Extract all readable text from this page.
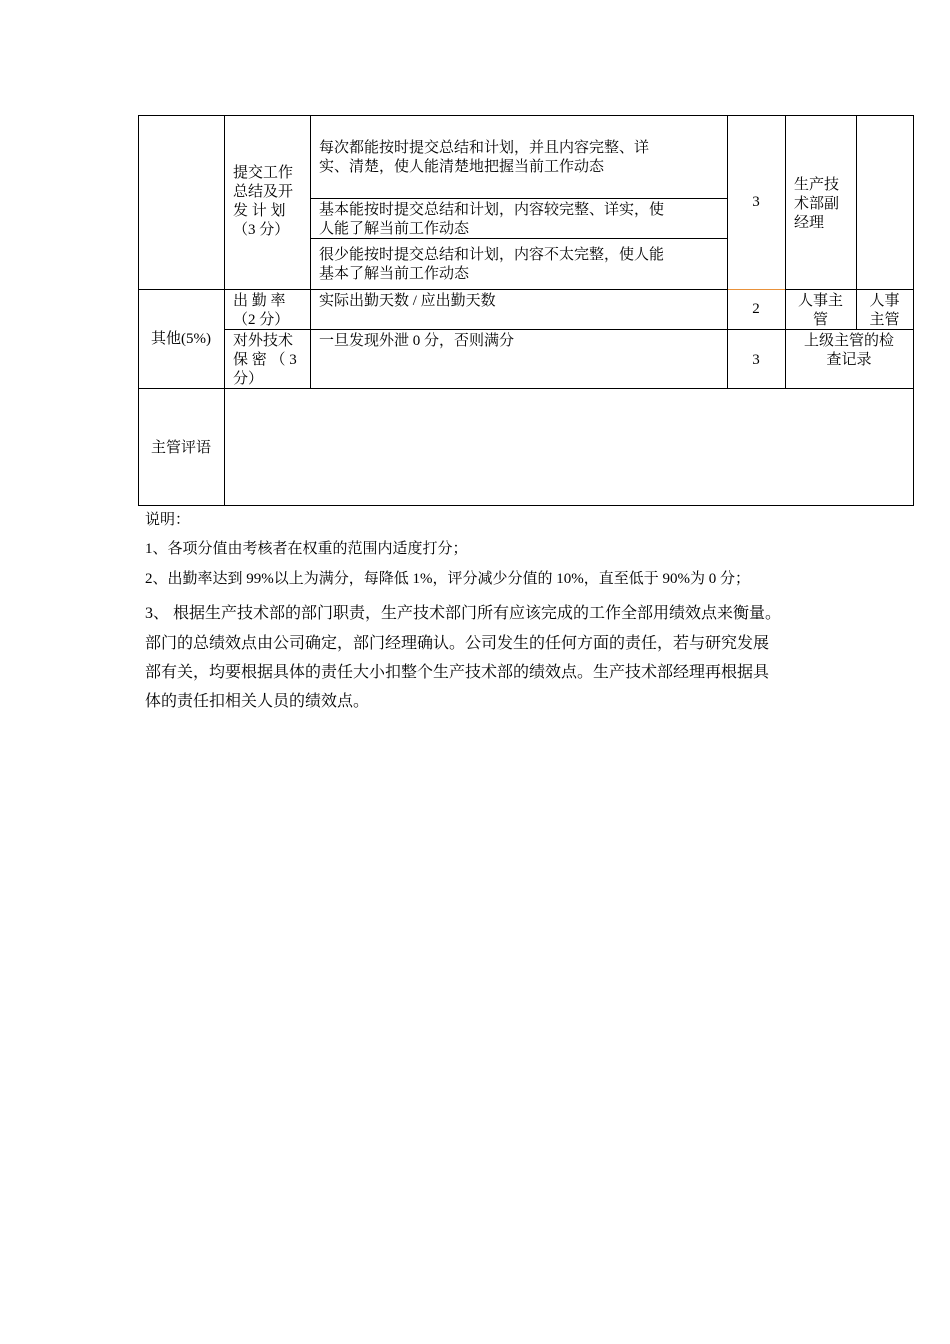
提交工作
总结及开
发 计 划
（3 分）
每次都能按时提交总结和计划，并且内容完整、详
实、清楚，使人能清楚地把握当前工作动态
基本能按时提交总结和计划，内容较完整、详实，使
人能了解当前工作动态
很少能按时提交总结和计划，内容不太完整，使人能
基本了解当前工作动态
3
生产技
术部副
经理
其他(5%)
出 勤 率
（2 分）
实际出勤天数 / 应出勤天数	2	人事主
管
人事
主管
对外技术
保 密 （ 3
分）
一旦发现外泄 0 分，否则满分
3
上级主管的检
查记录
主管评语
说明：
1、各项分值由考核者在权重的范围内适度打分；
2、出勤率达到 99%以上为满分，每降低 1%，评分减少分值的 10%，直至低于 90%为 0 分；
3、 根据生产技术部的部门职责，生产技术部门所有应该完成的工作全部用绩效点来衡量。
部门的总绩效点由公司确定，部门经理确认。公司发生的任何方面的责任，若与研究发展
部有关，均要根据具体的责任大小扣整个生产技术部的绩效点。生产技术部经理再根据具
体的责任扣相关人员的绩效点。
